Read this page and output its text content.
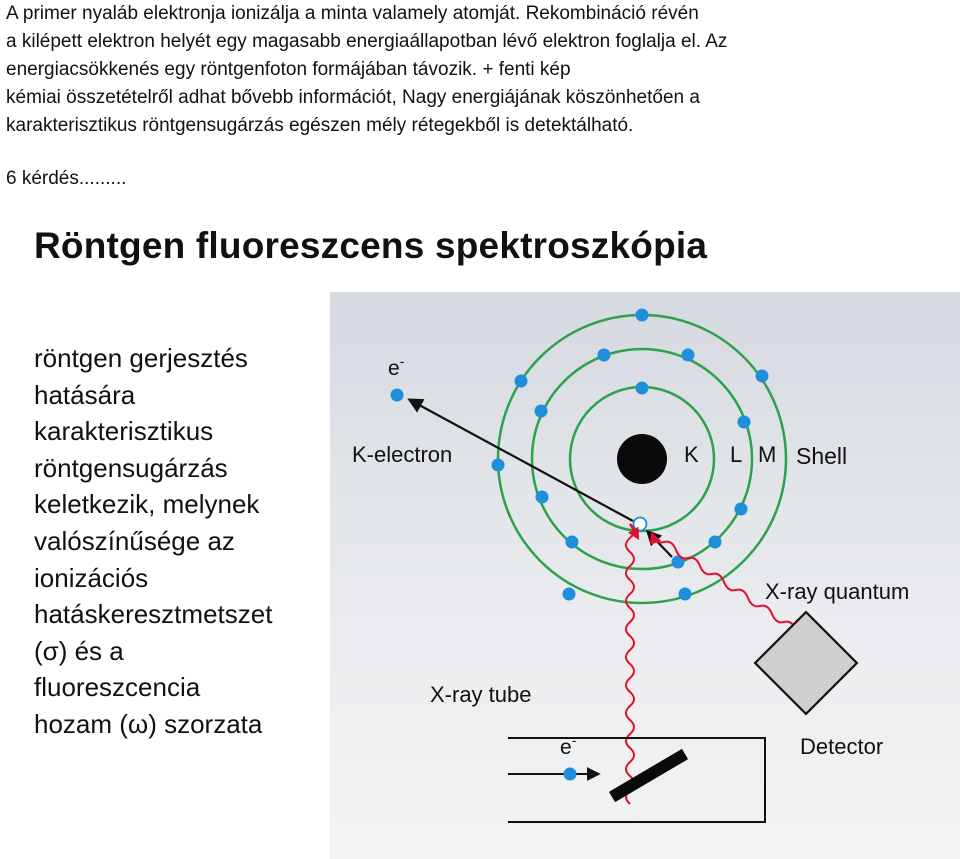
A primer nyaláb elektronja ionizálja a minta valamely atomját. Rekombináció révén
a kilépett elektron helyét egy magasabb energiaállapotban lévő elektron foglalja el. Az
energiacsökkenés egy röntgenfoton formájában távozik. + fenti kép
kémiai összetételről adhat bővebb információt, Nagy energiájának köszönhetően a
karakterisztikus röntgensugárzás egészen mély rétegekből is detektálható.

6 kérdés.........

Röntgen fluoreszcens spektroszkópia

röntgen gerjesztés
hatására
karakterisztikus
röntgensugárzás
keletkezik, melynek
valószínűsége az
ionizációs
hatáskeresztmetszet
(σ) és a
fluoreszcencia
hozam (ω) szorzata

e-
K-electron	K L M Shell
X-ray quantum
X-ray tube
Detector
e-
